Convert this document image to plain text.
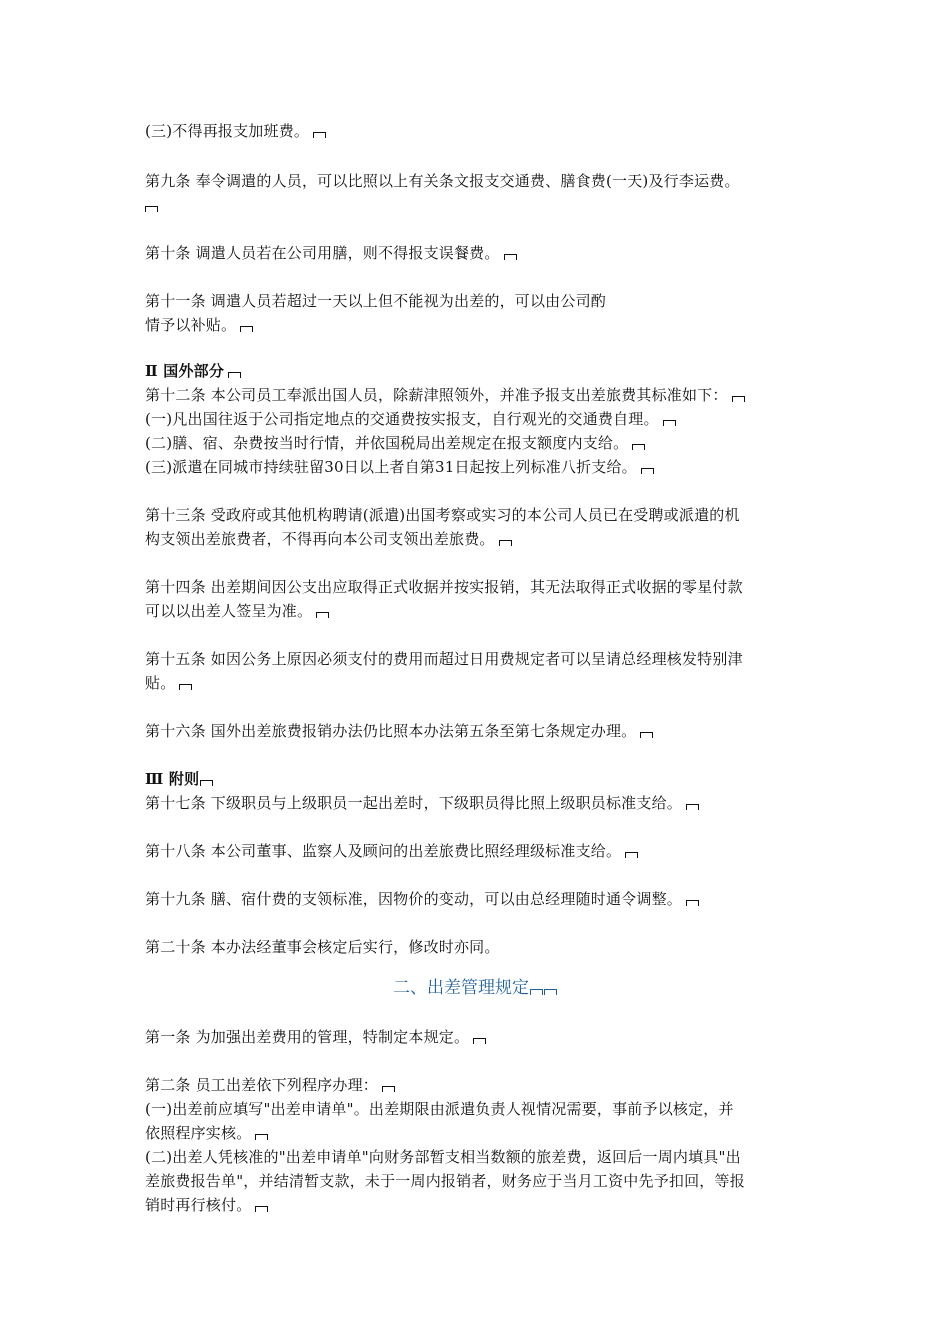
(三)不得再报支加班费。
第九条 奉令调遣的人员，可以比照以上有关条文报支交通费、膳食费(一天)及行李运费。
第十条 调遣人员若在公司用膳，则不得报支误餐费。
第十一条 调遣人员若超过一天以上但不能视为出差的，可以由公司酌
情予以补贴。
Ⅱ 国外部分
第十二条 本公司员工奉派出国人员，除薪津照领外，并准予报支出差旅费其标准如下：
(一)凡出国往返于公司指定地点的交通费按实报支，自行观光的交通费自理。
(二)膳、宿、杂费按当时行情，并依国税局出差规定在报支额度内支给。
(三)派遣在同城市持续驻留30日以上者自第31日起按上列标准八折支给。
第十三条 受政府或其他机构聘请(派遣)出国考察或实习的本公司人员已在受聘或派遣的机
构支领出差旅费者，不得再向本公司支领出差旅费。
第十四条 出差期间因公支出应取得正式收据并按实报销，其无法取得正式收据的零星付款
可以以出差人签呈为准。
第十五条 如因公务上原因必须支付的费用而超过日用费规定者可以呈请总经理核发特别津
贴。
第十六条 国外出差旅费报销办法仍比照本办法第五条至第七条规定办理。
Ⅲ 附则
第十七条 下级职员与上级职员一起出差时，下级职员得比照上级职员标准支给。
第十八条 本公司董事、监察人及顾问的出差旅费比照经理级标准支给。
第十九条 膳、宿什费的支领标准，因物价的变动，可以由总经理随时通令调整。
第二十条 本办法经董事会核定后实行，修改时亦同。
二、出差管理规定
第一条 为加强出差费用的管理，特制定本规定。
第二条 员工出差依下列程序办理：
(一)出差前应填写"出差申请单"。出差期限由派遣负责人视情况需要，事前予以核定，并
依照程序实核。
(二)出差人凭核准的"出差申请单"向财务部暂支相当数额的旅差费，返回后一周内填具"出
差旅费报告单"，并结清暂支款，未于一周内报销者，财务应于当月工资中先予扣回，等报
销时再行核付。
